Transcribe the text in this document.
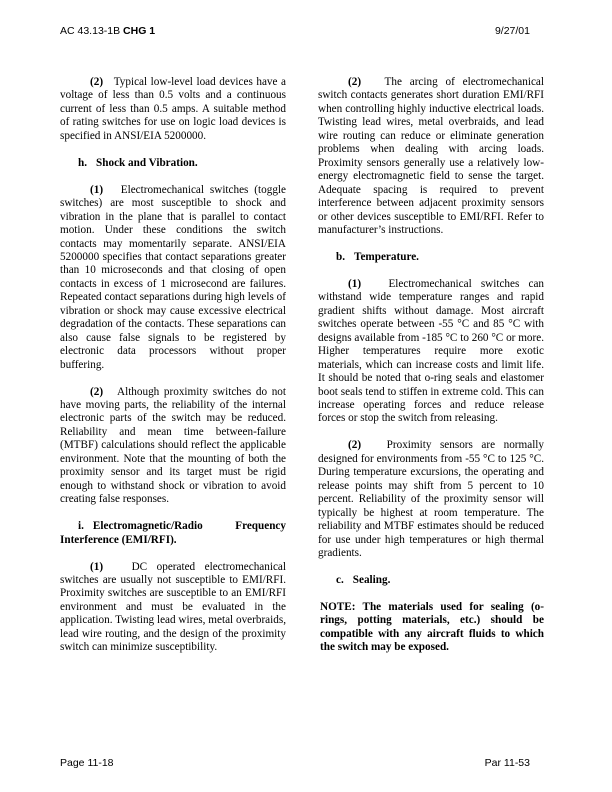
AC 43.13-1B CHG 1	9/27/01

(2) Typical low-level load devices have a voltage of less than 0.5 volts and a continuous current of less than 0.5 amps. A suitable method of rating switches for use on logic load devices is specified in ANSI/EIA 5200000.

h. Shock and Vibration.

(1) Electromechanical switches (toggle switches) are most susceptible to shock and vibration in the plane that is parallel to contact motion. Under these conditions the switch contacts may momentarily separate. ANSI/EIA 5200000 specifies that contact separations greater than 10 microseconds and that closing of open contacts in excess of 1 microsecond are failures. Repeated contact separations during high levels of vibration or shock may cause excessive electrical degradation of the contacts. These separations can also cause false signals to be registered by electronic data processors without proper buffering.

(2) Although proximity switches do not have moving parts, the reliability of the internal electronic parts of the switch may be reduced. Reliability and mean time between-failure (MTBF) calculations should reflect the applicable environment. Note that the mounting of both the proximity sensor and its target must be rigid enough to withstand shock or vibration to avoid creating false responses.

i. Electromagnetic/Radio Frequency Interference (EMI/RFI).

(1)	DC operated electromechanical switches are usually not susceptible to EMI/RFI. Proximity switches are susceptible to an EMI/RFI environment and must be evaluated in the application. Twisting lead wires, metal overbraids, lead wire routing, and the design of the proximity switch can minimize susceptibility.

(2) The arcing of electromechanical switch contacts generates short duration EMI/RFI when controlling highly inductive electrical loads. Twisting lead wires, metal overbraids, and lead wire routing can reduce or eliminate generation problems when dealing with arcing loads. Proximity sensors generally use a relatively low-energy electromagnetic field to sense the target. Adequate spacing is required to prevent interference between adjacent proximity sensors or other devices susceptible to EMI/RFI. Refer to manufacturer’s instructions.

b. Temperature.

(1) Electromechanical switches can withstand wide temperature ranges and rapid gradient shifts without damage. Most aircraft switches operate between -55 °C and 85 °C with designs available from -185 °C to 260 °C or more. Higher temperatures require more exotic materials, which can increase costs and limit life. It should be noted that o-ring seals and elastomer boot seals tend to stiffen in extreme cold. This can increase operating forces and reduce release forces or stop the switch from releasing.

(2) Proximity sensors are normally designed for environments from -55 °C to 125 °C. During temperature excursions, the operating and release points may shift from 5 percent to 10 percent. Reliability of the proximity sensor will typically be highest at room temperature. The reliability and MTBF estimates should be reduced for use under high temperatures or high thermal gradients.

c. Sealing.
NOTE: The materials used for sealing (o-rings, potting materials, etc.) should be compatible with any aircraft fluids to which the switch may be exposed.
Page 11-18	Par 11-53
